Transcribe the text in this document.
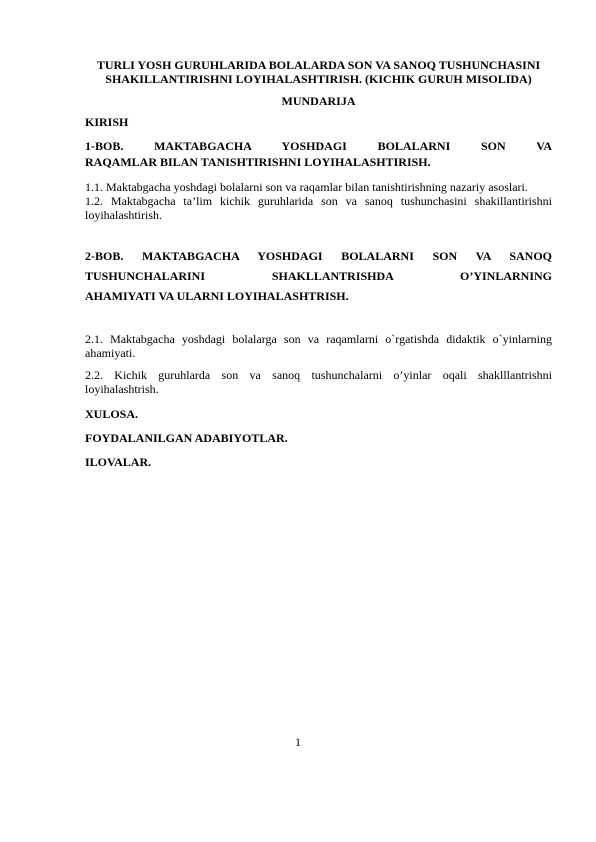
TURLI YOSH GURUHLARIDA BOLALARDA SON VA SANOQ TUSHUNCHASINI SHAKILLANTIRISHNI LOYIHALASHTIRISH. (KICHIK GURUH MISOLIDA)

MUNDARIJA

KIRISH

1-BOB. MAKTABGACHA YOSHDAGI BOLALARNI SON VA
RAQAMLAR BILAN TANISHTIRISHNI LOYIHALASHTIRISH.

1.1. Maktabgacha yoshdagi bolalarni son va raqamlar bilan tanishtirishning nazariy asoslari.

1.2. Maktabgacha ta’lim kichik guruhlarida son va sanoq tushunchasini shakillantirishni loyihalashtirish.

2-BOB. MAKTABGACHA YOSHDAGI BOLALARNI SON VA SANOQ
TUSHUNCHALARINI SHAKLLANTRISHDA O’YINLARNING
AHAMIYATI VA ULARNI LOYIHALASHTRISH.

2.1. Maktabgacha yoshdagi bolalarga son va raqamlarni o`rgatishda didaktik o`yinlarning ahamiyati.

2.2. Kichik guruhlarda son va sanoq tushunchalarni o’yinlar oqali shaklllantrishni loyihalashtrish.

XULOSA.

FOYDALANILGAN ADABIYOTLAR.

ILOVALAR.

1
